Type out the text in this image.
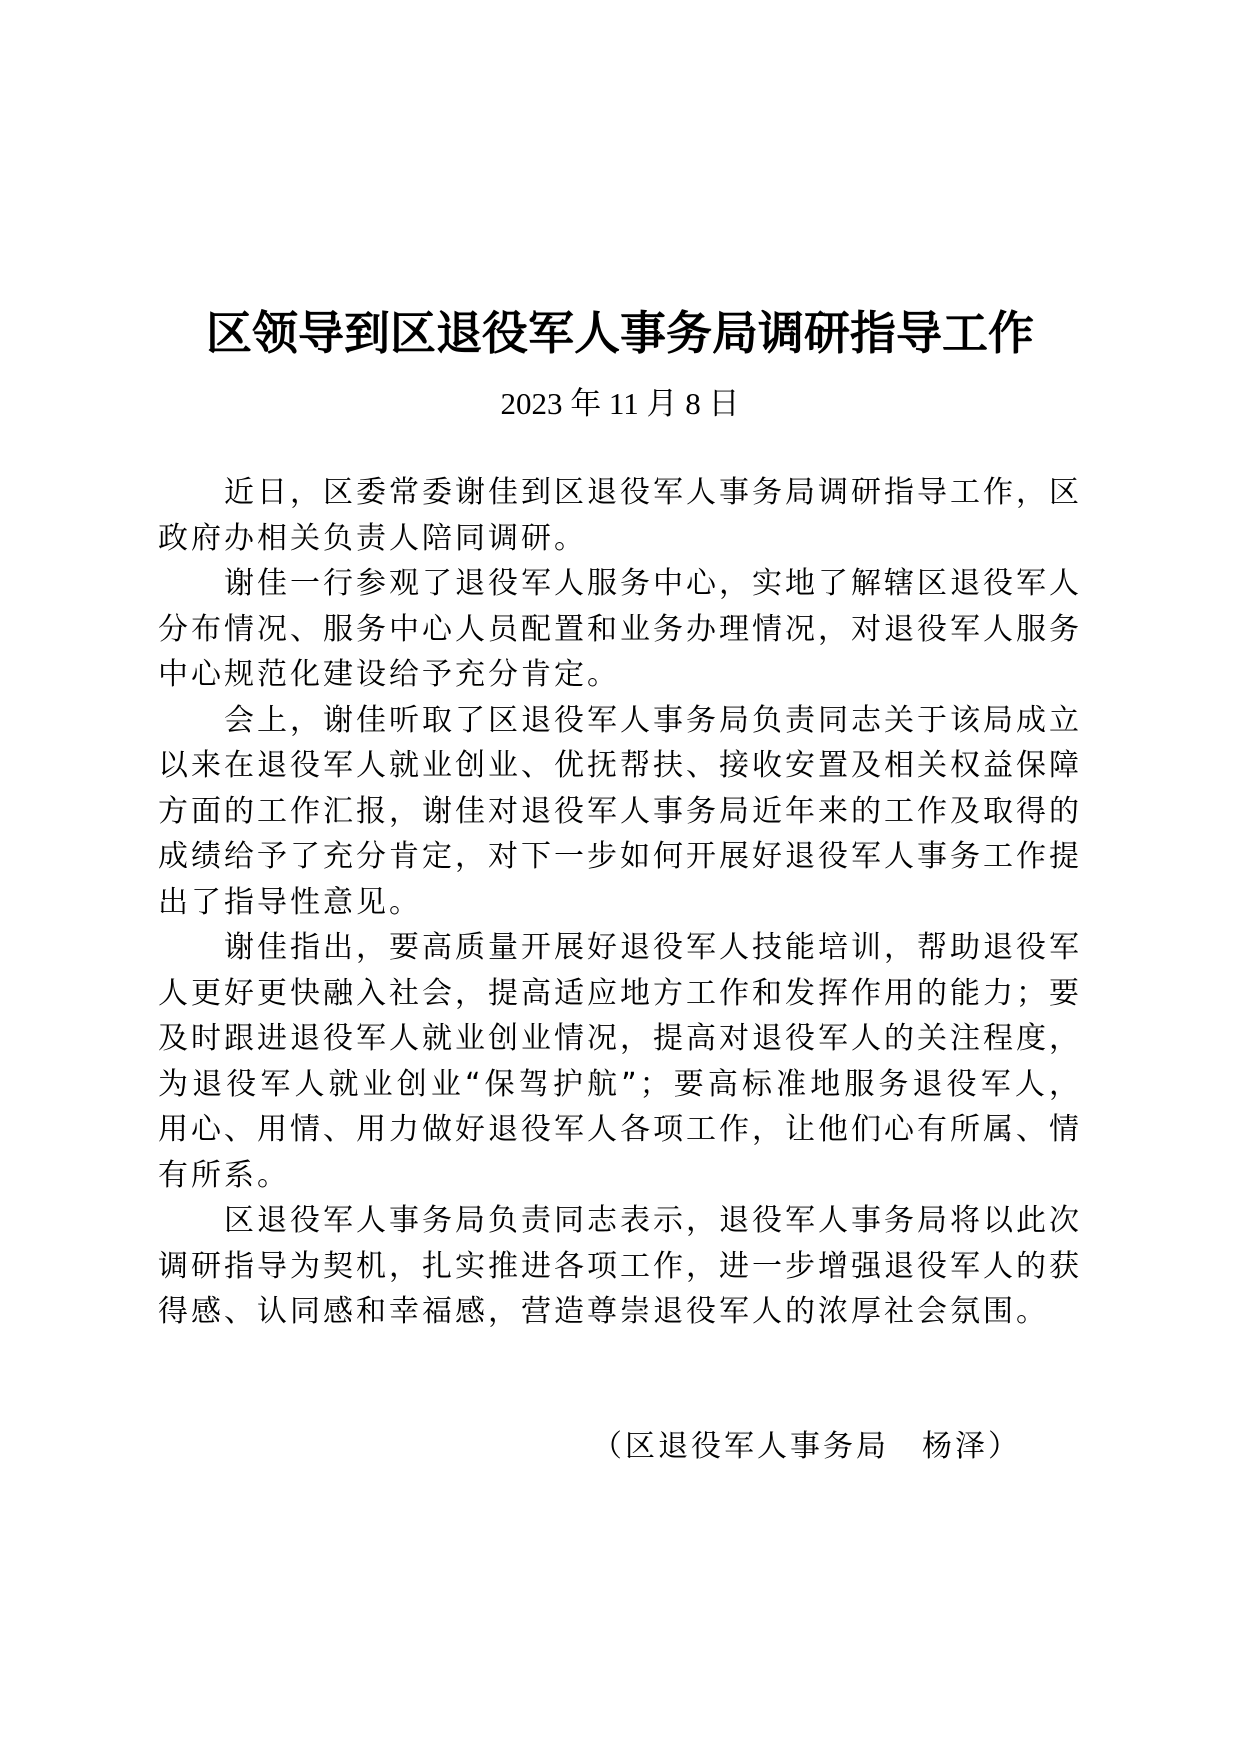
区领导到区退役军人事务局调研指导工作
2023 年 11 月 8 日

近日，区委常委谢佳到区退役军人事务局调研指导工作，区政府办相关负责人陪同调研。

谢佳一行参观了退役军人服务中心，实地了解辖区退役军人分布情况、服务中心人员配置和业务办理情况，对退役军人服务中心规范化建设给予充分肯定。

会上，谢佳听取了区退役军人事务局负责同志关于该局成立以来在退役军人就业创业、优抚帮扶、接收安置及相关权益保障方面的工作汇报，谢佳对退役军人事务局近年来的工作及取得的成绩给予了充分肯定，对下一步如何开展好退役军人事务工作提出了指导性意见。

谢佳指出，要高质量开展好退役军人技能培训，帮助退役军人更好更快融入社会，提高适应地方工作和发挥作用的能力；要及时跟进退役军人就业创业情况，提高对退役军人的关注程度，为退役军人就业创业“保驾护航”；要高标准地服务退役军人，用心、用情、用力做好退役军人各项工作，让他们心有所属、情有所系。

区退役军人事务局负责同志表示，退役军人事务局将以此次调研指导为契机，扎实推进各项工作，进一步增强退役军人的获得感、认同感和幸福感，营造尊崇退役军人的浓厚社会氛围。

（区退役军人事务局　杨泽）
